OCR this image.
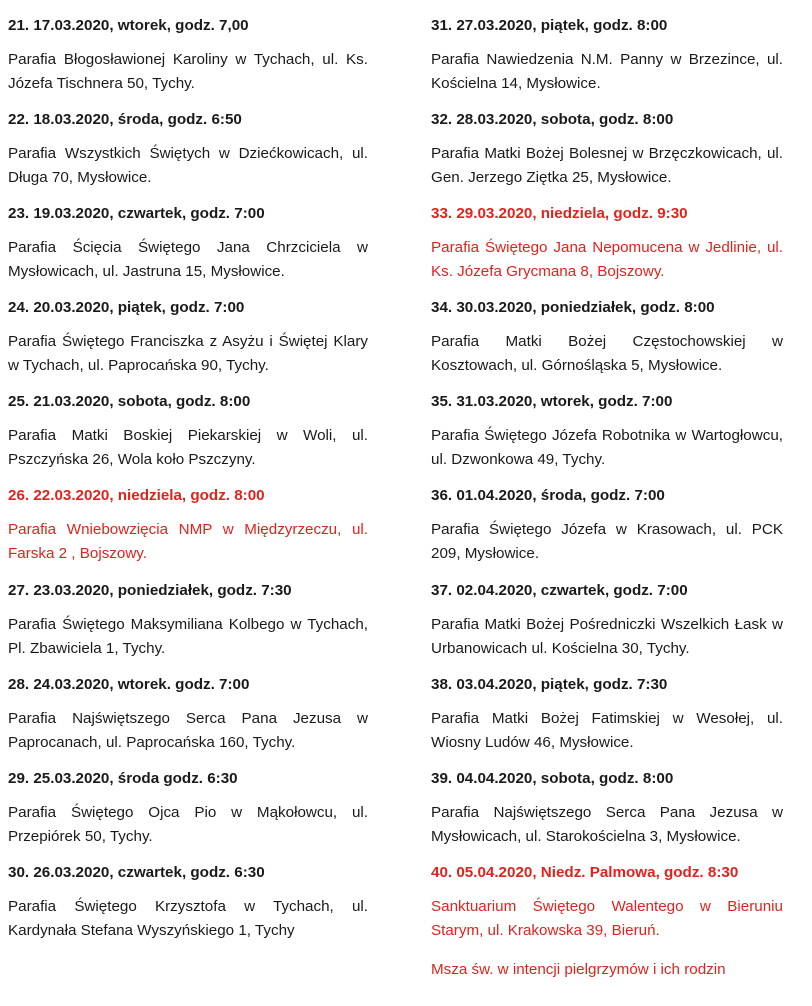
21. 17.03.2020, wtorek, godz. 7,00
Parafia Błogosławionej Karoliny w Tychach, ul. Ks. Józefa Tischnera 50, Tychy.
22. 18.03.2020, środa, godz. 6:50
Parafia Wszystkich Świętych w Dziećkowicach, ul. Długa 70, Mysłowice.
23. 19.03.2020, czwartek, godz. 7:00
Parafia Ścięcia Świętego Jana Chrzciciela w Mysłowicach, ul. Jastruna 15, Mysłowice.
24. 20.03.2020, piątek, godz. 7:00
Parafia Świętego Franciszka z Asyżu i Świętej Klary w Tychach, ul. Paprocańska 90, Tychy.
25. 21.03.2020, sobota, godz. 8:00
Parafia Matki Boskiej Piekarskiej w Woli, ul. Pszczyńska 26, Wola koło Pszczyny.
26. 22.03.2020, niedziela, godz. 8:00
Parafia Wniebowzięcia NMP w Międzyrzeczu, ul. Farska 2 , Bojszowy.
27. 23.03.2020, poniedziałek, godz. 7:30
Parafia Świętego Maksymiliana Kolbego w Tychach, Pl. Zbawiciela 1, Tychy.
28. 24.03.2020, wtorek. godz. 7:00
Parafia Najświętszego Serca Pana Jezusa w Paprocanach, ul. Paprocańska 160, Tychy.
29. 25.03.2020, środa godz. 6:30
Parafia Świętego Ojca Pio w Mąkołowcu, ul. Przepiórek 50, Tychy.
30. 26.03.2020, czwartek, godz. 6:30
Parafia Świętego Krzysztofa w Tychach, ul. Kardynała Stefana Wyszyńskiego 1, Tychy
31. 27.03.2020, piątek, godz. 8:00
Parafia Nawiedzenia N.M. Panny w Brzezince, ul. Kościelna 14, Mysłowice.
32. 28.03.2020, sobota, godz. 8:00
Parafia Matki Bożej Bolesnej w Brzęczkowicach, ul. Gen. Jerzego Ziętka 25, Mysłowice.
33. 29.03.2020, niedziela, godz. 9:30
Parafia Świętego Jana Nepomucena w Jedlinie, ul. Ks. Józefa Grycmana 8, Bojszowy.
34. 30.03.2020, poniedziałek, godz. 8:00
Parafia Matki Bożej Częstochowskiej w Kosztowach, ul. Górnośląska 5, Mysłowice.
35. 31.03.2020, wtorek, godz. 7:00
Parafia Świętego Józefa Robotnika w Wartogłowcu, ul. Dzwonkowa 49, Tychy.
36. 01.04.2020, środa, godz. 7:00
Parafia Świętego Józefa w Krasowach, ul. PCK 209, Mysłowice.
37. 02.04.2020, czwartek, godz. 7:00
Parafia Matki Bożej Pośredniczki Wszelkich Łask w Urbanowicach ul. Kościelna 30, Tychy.
38. 03.04.2020, piątek, godz. 7:30
Parafia Matki Bożej Fatimskiej w Wesołej, ul. Wiosny Ludów 46, Mysłowice.
39. 04.04.2020, sobota, godz. 8:00
Parafia Najświętszego Serca Pana Jezusa w Mysłowicach, ul. Starokościelna 3, Mysłowice.
40. 05.04.2020, Niedz. Palmowa, godz. 8:30
Sanktuarium Świętego Walentego w Bieruniu Starym, ul. Krakowska 39, Bieruń.
Msza św. w intencji pielgrzymów i ich rodzin
